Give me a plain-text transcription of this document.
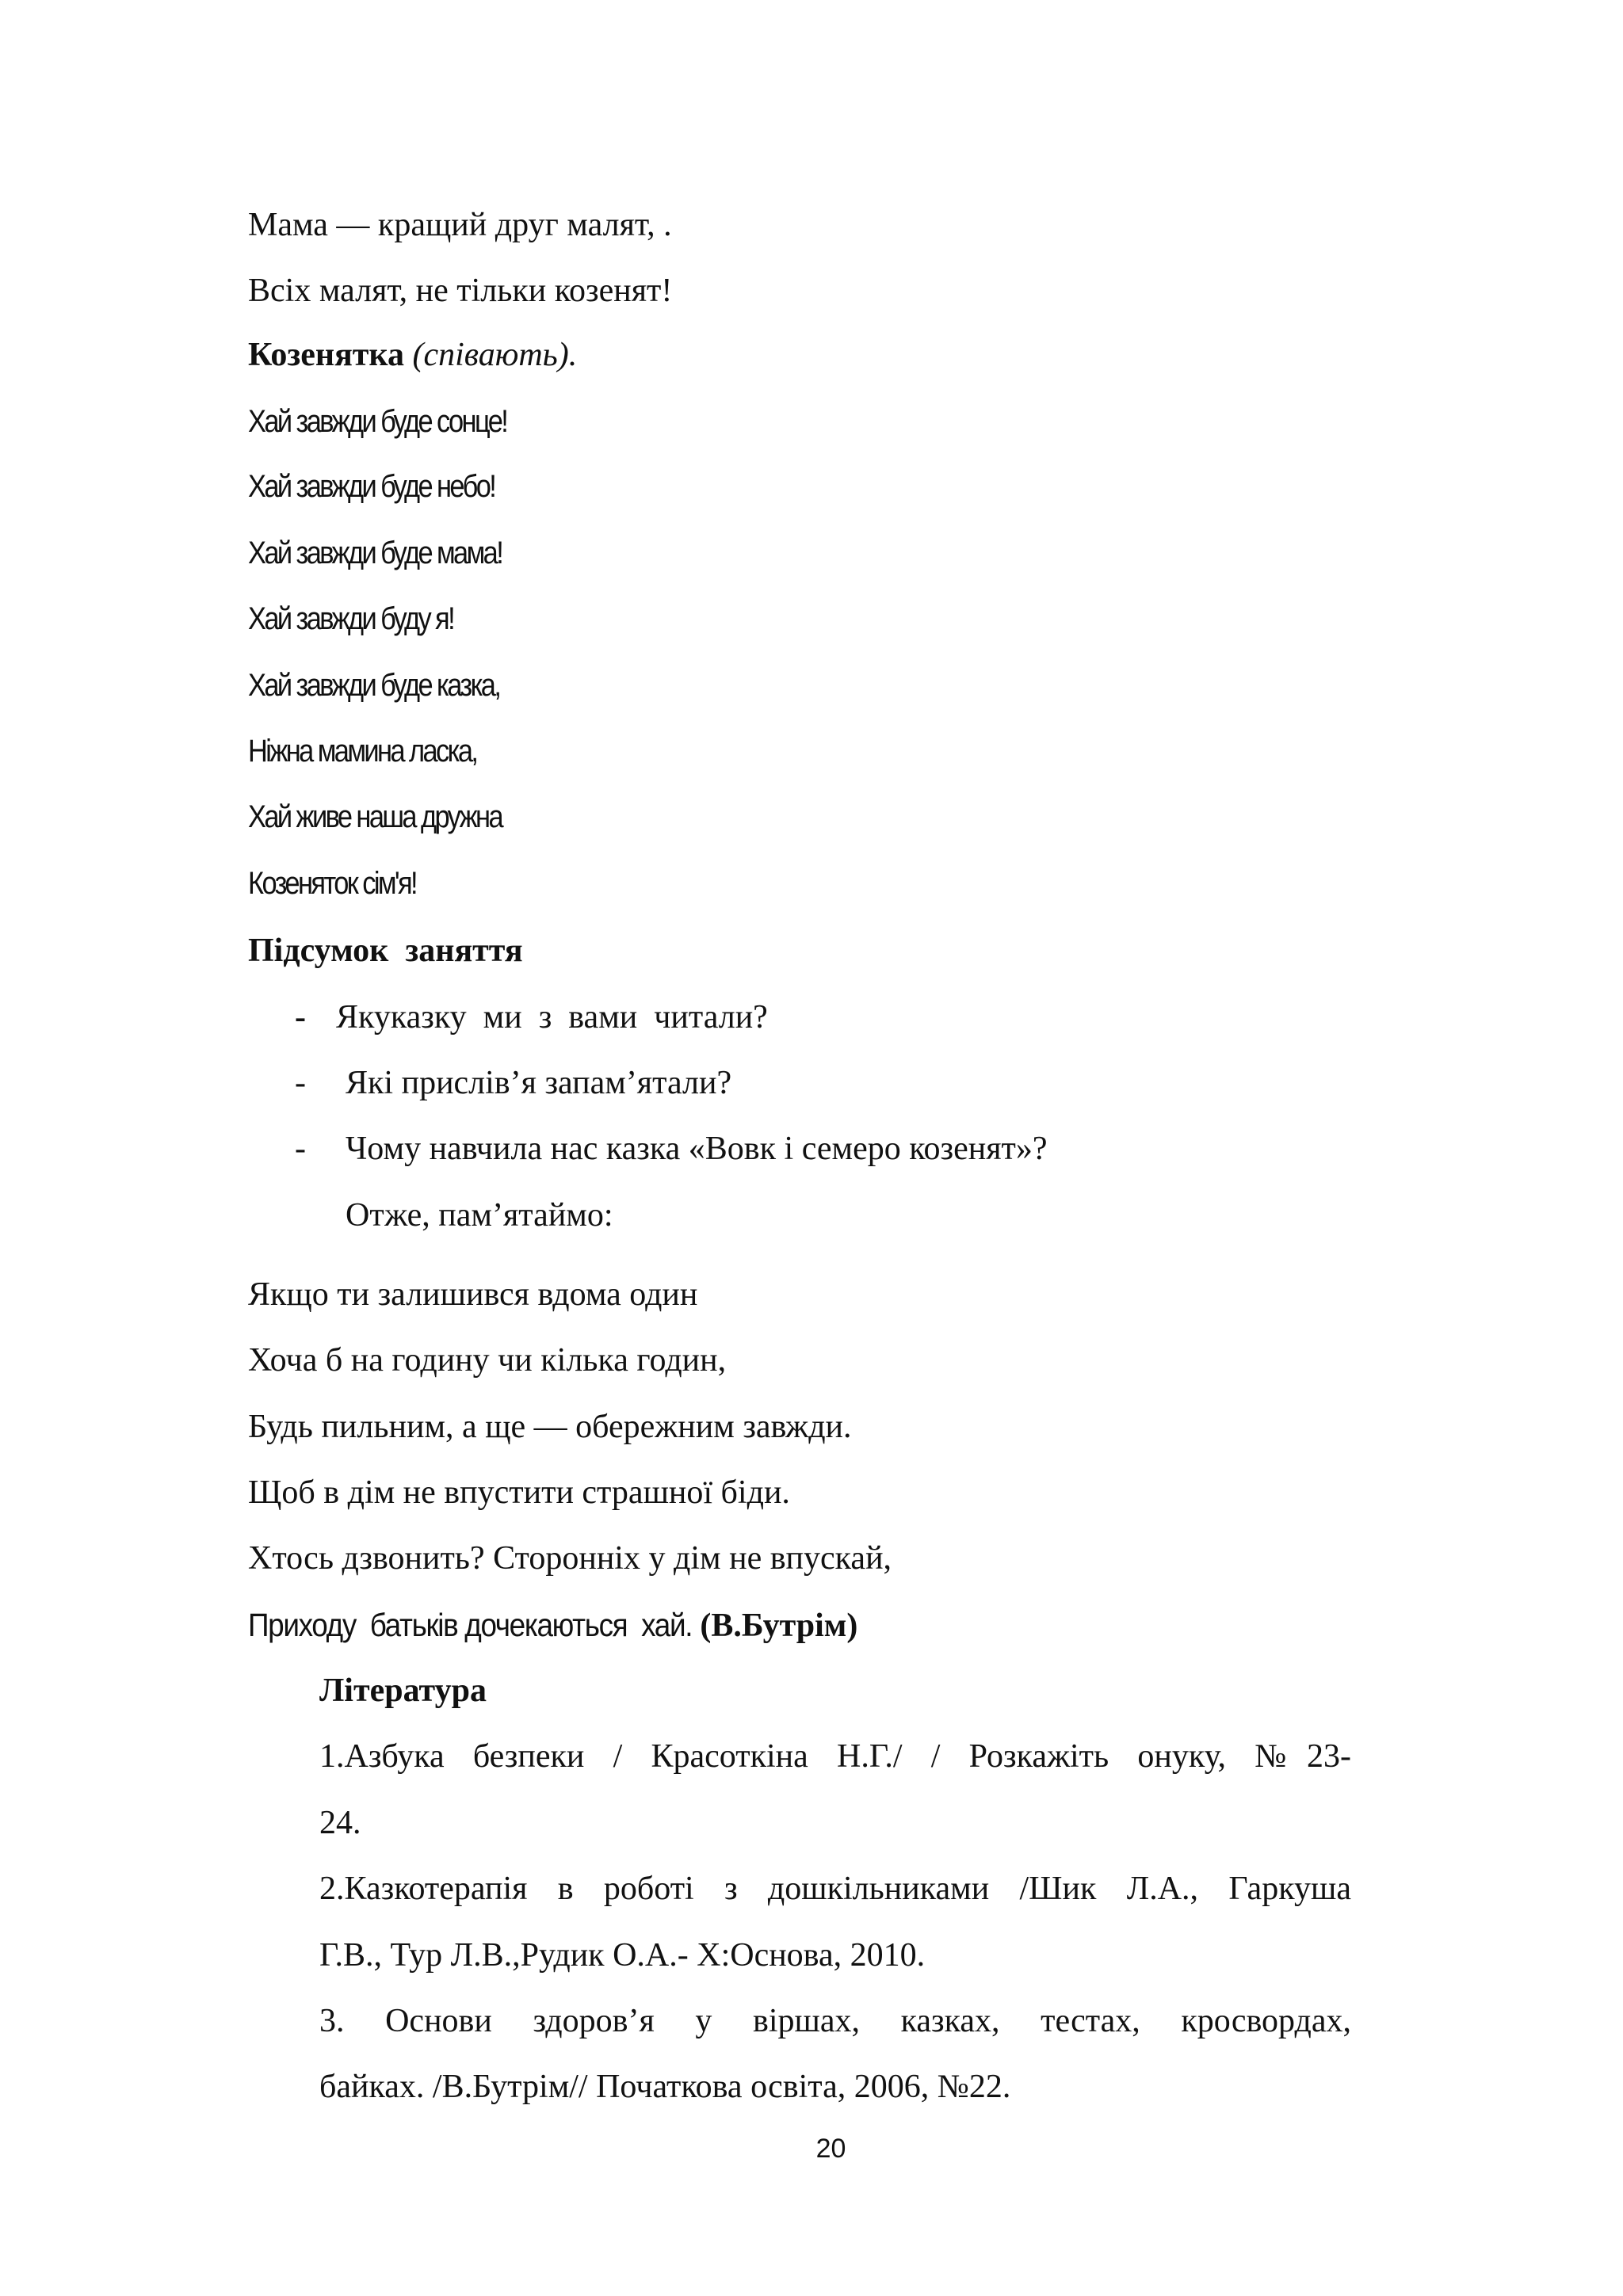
Мама — кращий друг малят, .
Всіх малят, не тільки козенят!
Козенятка (співають).
Хай завжди буде сонце!
Хай завжди буде небо!
Хай завжди буде мама!
Хай завжди буду я!
Хай завжди буде казка,
Ніжна мамина ласка,
Хай живе наша дружна
Козеняток сім'я!
Підсумок  заняття
- Якуказку  ми  з  вами  читали?
- Які прислів’я запам’ятали?
- Чому навчила нас казка «Вовк і семеро козенят»?
Отже, пам’ятаймо:
Якщо ти залишився вдома один
Хоча б на годину чи кілька годин,
Будь пильним, а ще — обережним завжди.
Щоб в дім не впустити страшної біди.
Хтось дзвонить? Сторонніх у дім не впускай,
Приходу  батьків дочекаються  хай. (В.Бутрім)
Література
1.Азбука безпеки / Красоткіна Н.Г./ / Розкажіть онуку, №23-
24.
2.Казкотерапія в роботі з дошкільниками /Шик Л.А., Гаркуша
Г.В., Тур Л.В.,Рудик О.А.- Х:Основа, 2010.
3. Основи здоров’я у віршах, казках, тестах, кросвордах,
байках. /В.Бутрім// Початкова освіта, 2006, №22.
20
